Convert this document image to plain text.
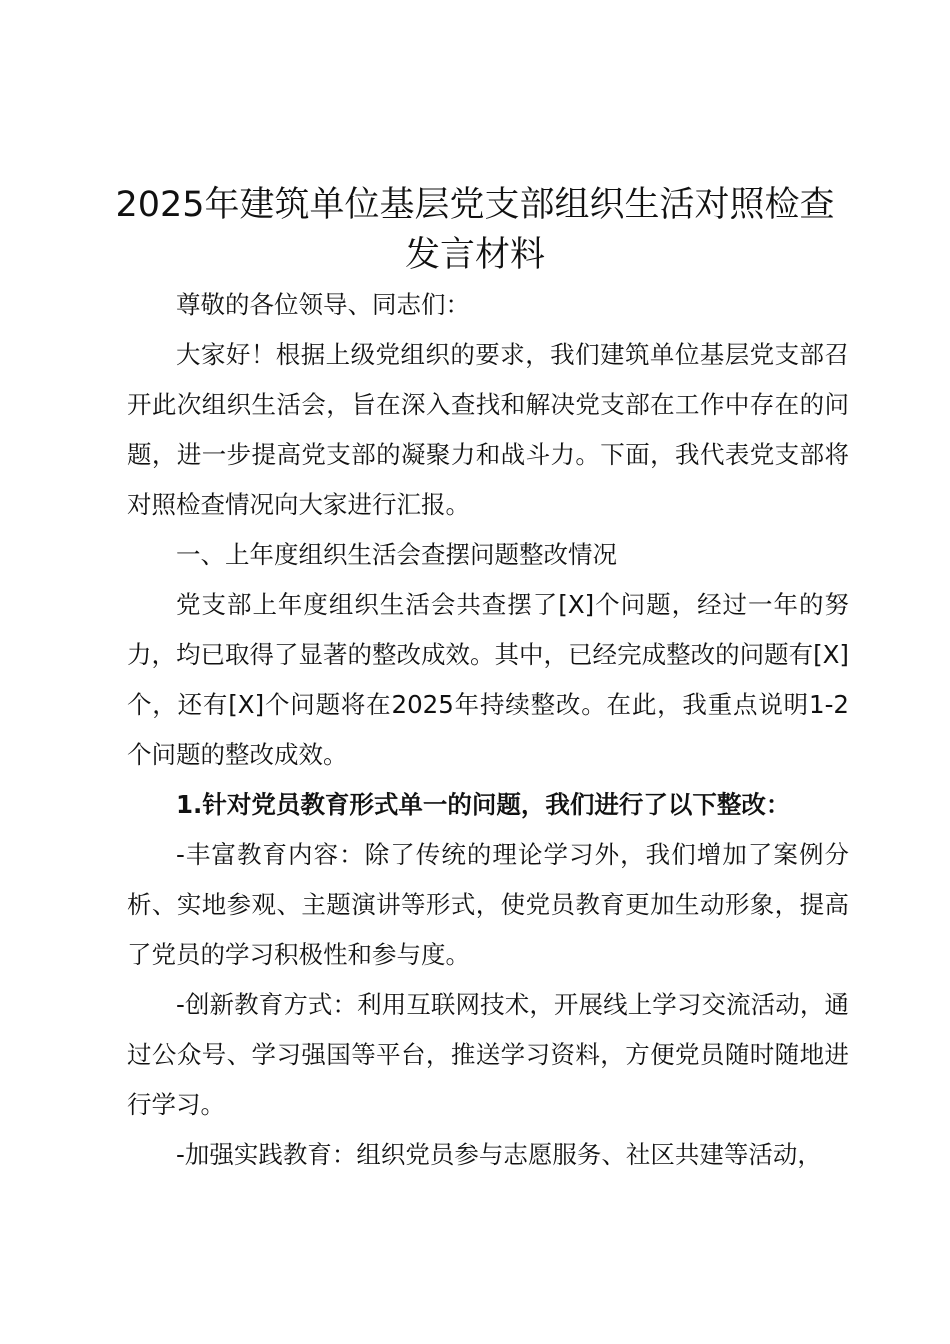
2025年建筑单位基层党支部组织生活对照检查发言材料

尊敬的各位领导、同志们：

大家好！根据上级党组织的要求，我们建筑单位基层党支部召开此次组织生活会，旨在深入查找和解决党支部在工作中存在的问题，进一步提高党支部的凝聚力和战斗力。下面，我代表党支部将对照检查情况向大家进行汇报。

一、上年度组织生活会查摆问题整改情况

党支部上年度组织生活会共查摆了[X]个问题，经过一年的努力，均已取得了显著的整改成效。其中，已经完成整改的问题有[X]个，还有[X]个问题将在2025年持续整改。在此，我重点说明1-2个问题的整改成效。

1.针对党员教育形式单一的问题，我们进行了以下整改：

-丰富教育内容：除了传统的理论学习外，我们增加了案例分析、实地参观、主题演讲等形式，使党员教育更加生动形象，提高了党员的学习积极性和参与度。

-创新教育方式：利用互联网技术，开展线上学习交流活动，通过公众号、学习强国等平台，推送学习资料，方便党员随时随地进行学习。

-加强实践教育：组织党员参与志愿服务、社区共建等活动，
